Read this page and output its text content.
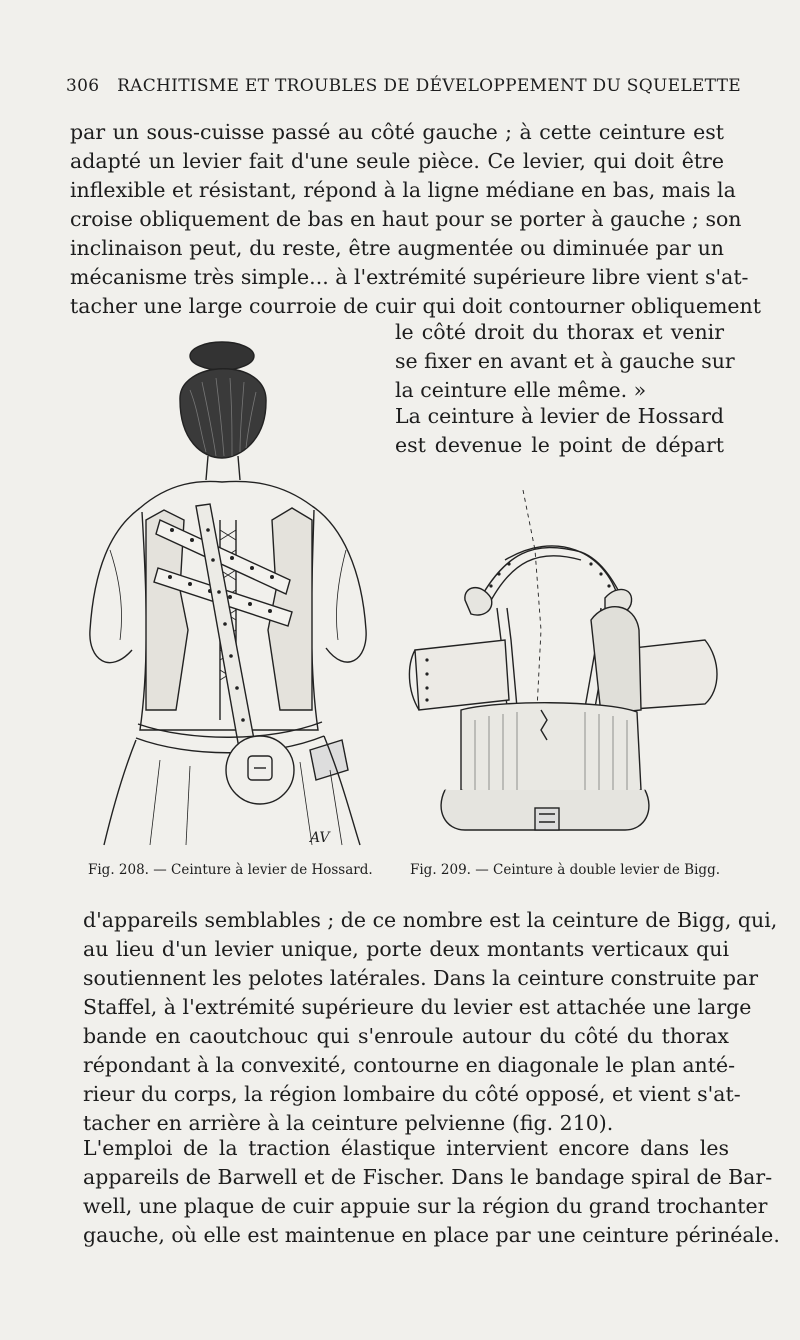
306 RACHITISME ET TROUBLES DE DÉVELOPPEMENT DU SQUELETTE

par un sous-cuisse passé au côté gauche ; à cette ceinture est
adapté un levier fait d'une seule pièce. Ce levier, qui doit être
inflexible et résistant, répond à la ligne médiane en bas, mais la
croise obliquement de bas en haut pour se porter à gauche ; son
inclinaison peut, du reste, être augmentée ou diminuée par un
mécanisme très simple... à l'extrémité supérieure libre vient s'at-
tacher une large courroie de cuir qui doit contourner obliquement

le côté droit du thorax et venir
se fixer en avant et à gauche sur
la ceinture elle même. »

La ceinture à levier de Hossard
est devenue le point de départ

AV
Fig. 208. — Ceinture à levier de Hossard.	Fig. 209. — Ceinture à double levier de Bigg.

d'appareils semblables ; de ce nombre est la ceinture de Bigg, qui,
au lieu d'un levier unique, porte deux montants verticaux qui
soutiennent les pelotes latérales. Dans la ceinture construite par
Staffel, à l'extrémité supérieure du levier est attachée une large
bande en caoutchouc qui s'enroule autour du côté du thorax
répondant à la convexité, contourne en diagonale le plan anté-
rieur du corps, la région lombaire du côté opposé, et vient s'at-
tacher en arrière à la ceinture pelvienne (fig. 210).

L'emploi de la traction élastique intervient encore dans les
appareils de Barwell et de Fischer. Dans le bandage spiral de Bar-
well, une plaque de cuir appuie sur la région du grand trochanter
gauche, où elle est maintenue en place par une ceinture périnéale.
